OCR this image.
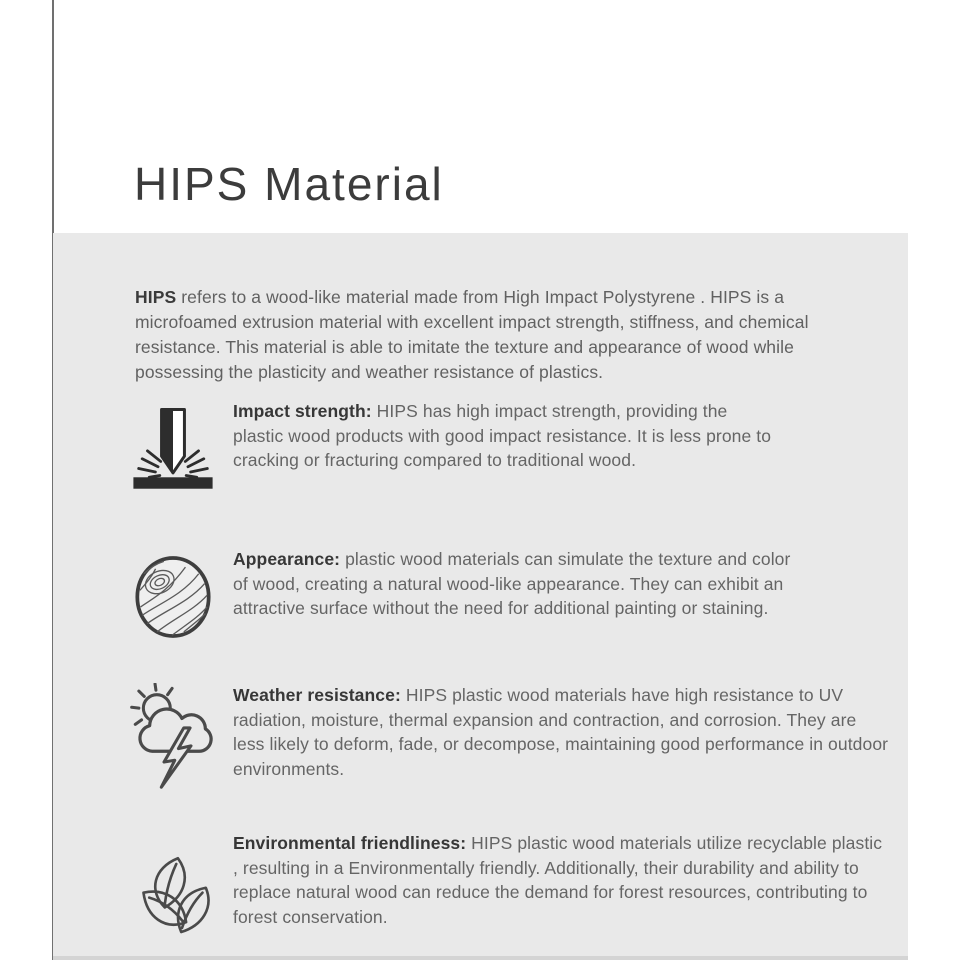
HIPS Material

HIPS refers to a wood-like material made from High Impact Polystyrene . HIPS is a microfoamed extrusion material with excellent impact strength, stiffness, and chemical resistance. This material is able to imitate the texture and appearance of wood while possessing the plasticity and weather resistance of plastics.

Impact strength: HIPS has high impact strength, providing the plastic wood products with good impact resistance. It is less prone to cracking or fracturing compared to traditional wood.

Appearance: plastic wood materials can simulate the texture and color of wood, creating a natural wood-like appearance. They can exhibit an attractive surface without the need for additional painting or staining.

Weather resistance: HIPS plastic wood materials have high resistance to UV radiation, moisture, thermal expansion and contraction, and corrosion. They are less likely to deform, fade, or decompose, maintaining good performance in outdoor environments.

Environmental friendliness: HIPS plastic wood materials utilize recyclable plastic , resulting in a Environmentally friendly. Additionally, their durability and ability to replace natural wood can reduce the demand for forest resources, contributing to forest conservation.
